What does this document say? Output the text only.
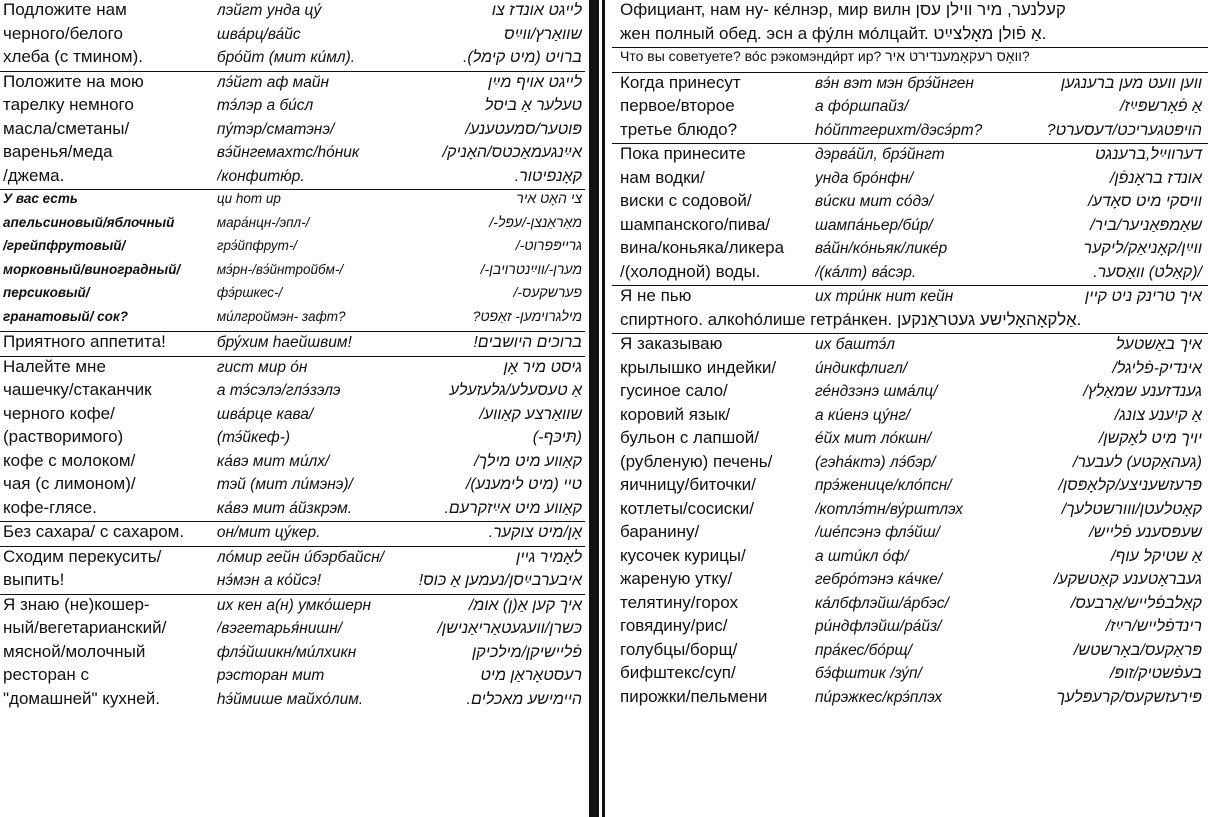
Подложите нам	лэйгт унда цу́	לייגט אונדז צו
черного/белого	шва́рц/ва́йс	שוואַרץ/ווײַס
хлеба (с тмином).	бро́йт (мит ки́мл).	ברויט (מיט קימל).
Положите на мою	лэ́йгт аф майн	לייגט אויף מײַן
тарелку немного	тэ́лэр а би́сл	טעלער אַ ביסל
масла/сметаны/	пу́тэр/сматэнэ/	פּוטער/סמעטענע/
варенья/меда	вэ́йнгемахтс/hо́ник	אײַנגעמאַכטס/האָניק/
/джема.	/конфитю́р.	קאָנפיטור.
У вас есть	ци hот ир	צי האָט איר
апельсиновый/яблочный	мара́нцн-/эпл-/	מאַראַנצן-/עפּל-/
/грейпфрутовый/	грэ́йпфрут-/	גרייפּפרוט-/
морковный/виноградный/	мэ́рн-/вэ́йнтройбм-/	מערן-/ווײַנטרויבן-/
персиковый/	фэ́ршкес-/	פערשקעס-/
гранатовый/ сок?	ми́лгроймэн- зафт?	מילגרוימען- זאַפט?
Приятного аппетита!	бру́хим hаейшвим!	ברוכים היושבים!
Налейте мне	гист мир о́н	גיסט מיר אָן
чашечку/стаканчик	а тэ́сэлэ/глэ́зэлэ	אַ טעסעלע/גלעזעלע
черного кофе/	шва́рце кава/	שוואַרצע קאַווע/
(растворимого)	(тэ́йкеф-)	(תּיכּף-)
кофе с молоком/	ка́вэ мит ми́лх/	קאַווע מיט מילך/
чая (с лимоном)/	тэй (мит ли́мэнэ)/	טיי (מיט לימענע)/
кофе-глясе.	ка́вэ мит а́йзкрэм.	קאַווע מיט אײַזקרעם.
Без сахара/ с сахаром.	он/мит цу́кер.	אָן/מיט צוקער.
Сходим перекусить/	ло́мир гейн и́бэрбайсн/	לאָמיר גיין
выпить!	нэ́мэн а ко́йсэ!	איבערבײַסן/נעמען אַ כּוס!
Я знаю (не)кошер-	их кен а(н) умко́шерн	איך קען אַ(ן) אומ/
ный/вегетарианский/	/вэгетарья́нишн/	כּשרן/וועגעטאַריאַנישן/
мясной/молочный	флэ́йшикн/ми́лхикн	פֿליישיקן/מילכיקן
ресторан с	рэсторан мит	רעסטאָראַן מיט
"домашней" кухней.	hэ́ймише майхо́лим.	היימישע מאכלים.
Официант, нам ну- ке́лнэр, мир вилн קעלנער, מיר ווילן עסן
жен полный обед. эсн а фу́лн мо́лцайт. אַ פֿולן מאָלצײַט.
Что вы советуете? во́с рэкомэнди́рт ир? וואָס רעקאָמענדירט איר?
Когда принесут	вэ́н вэт мэн брэ́йнген	ווען וועט מען ברענגען
первое/второе	а фо́ршпайз/	אַ פֿאָרשפּײַז/
третье блюдо?	hо́йптгерихт/дэсэ́рт?	הויפּטגעריכט/דעסערט?
Пока принесите	дэрва́йл, брэ́йнгт	דערווײַל,ברענגט
нам водки/	унда бро́нфн/	אונדז בראָנפֿן/
виски с содовой/	ви́ски мит со́дэ/	וויסקי מיט סאָדע/
шампанского/пива/	шампа́ньер/би́р/	שאַמפּאַניער/ביר/
вина/коньяка/ликера	ва́йн/ко́ньяк/лике́р	ווײַן/קאָניאַק/ליקער
/(холодной) воды.	/(ка́лт) ва́сэр.	/(קאַלט) וואַסער.
Я не пью	их три́нк нит кейн	איך טרינק ניט קיין
спиртного. алкоhо́лише гетра́нкен. אַלקאָהאָלישע געטראַנקען.
Я заказываю	их баштэ́л	איך באַשטעל
крылышко индейки/	и́ндикфлигл/	אינדיק-פֿליגל/
гусиное сало/	ге́ндзэнэ шма́лц/	גענדזענע שמאַלץ/
коровий язык/	а ки́енэ цу́нг/	אַ קיִענע צונג/
бульон с лапшой/	е́йх мит ло́кшн/	יויך מיט לאָקשן/
(рубленую) печень/	(гэhа́ктэ) лэ́бэр/	(געהאַקטע) לעבער/
яичницу/биточки/	прэ́женице/кло́псн/	פּרעזשעניצע/קלאָפּסן/
котлеты/сосиски/	/котлэ́тн/ву́рштлэх	קאָטלעטן/ווורשטלעך/
баранину/	/ше́псэнэ флэ́йш/	שעפּסענע פֿלייש/
кусочек курицы/	а шти́кл о́ф/	אַ שטיקל עוף/
жареную утку/	гебро́тэнэ ка́чке/	געבראָטענע קאַטשקע/
телятину/горох	ка́лбфлэйш/а́рбэс/	קאַלבפֿלייש/אַרבעס/
говядину/рис/	ри́ндфлэйш/ра́йз/	רינדפֿלייש/רײַז/
голубцы/борщ/	пра́кес/бо́рщ/	פּראַקעס/באָרשטש/
бифштекс/суп/	бэ́фштик /зу́п/	בעפֿשטיק/זופּ/
пирожки/пельмени	пи́рэжкес/крэ́плэх	פּירעזשקעס/קרעפּלעך
